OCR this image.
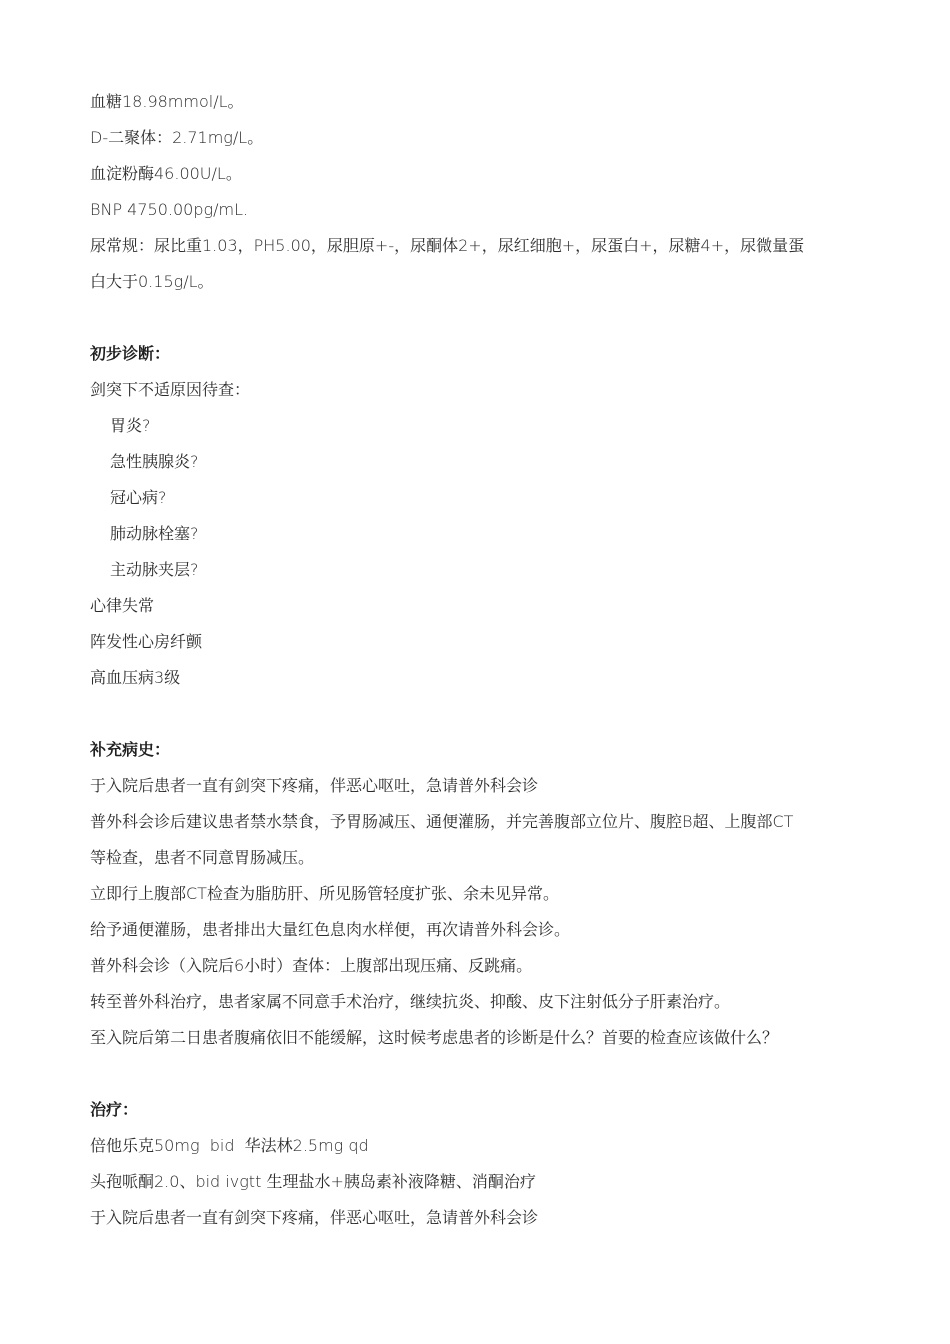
血糖18.98mmol/L。
D-二聚体：2.71mg/L。
血淀粉酶46.00U/L。
BNP 4750.00pg/mL.
尿常规：尿比重1.03，PH5.00，尿胆原+-，尿酮体2+，尿红细胞+，尿蛋白+，尿糖4+，尿微量蛋
白大于0.15g/L。
初步诊断：
剑突下不适原因待查：
胃炎?
急性胰腺炎?
冠心病?
肺动脉栓塞?
主动脉夹层?
心律失常
阵发性心房纤颤
高血压病3级
补充病史：
于入院后患者一直有剑突下疼痛，伴恶心呕吐，急请普外科会诊
普外科会诊后建议患者禁水禁食，予胃肠减压、通便灌肠，并完善腹部立位片、腹腔B超、上腹部CT
等检查，患者不同意胃肠减压。
立即行上腹部CT检查为脂肪肝、所见肠管轻度扩张、余未见异常。
给予通便灌肠，患者排出大量红色息肉水样便，再次请普外科会诊。
普外科会诊（入院后6小时）查体：上腹部出现压痛、反跳痛。
转至普外科治疗，患者家属不同意手术治疗，继续抗炎、抑酸、皮下注射低分子肝素治疗。
至入院后第二日患者腹痛依旧不能缓解，这时候考虑患者的诊断是什么？首要的检查应该做什么？
治疗：
倍他乐克50mg  bid  华法林2.5mg qd
头孢哌酮2.0、bid ivgtt 生理盐水+胰岛素补液降糖、消酮治疗
于入院后患者一直有剑突下疼痛，伴恶心呕吐，急请普外科会诊
